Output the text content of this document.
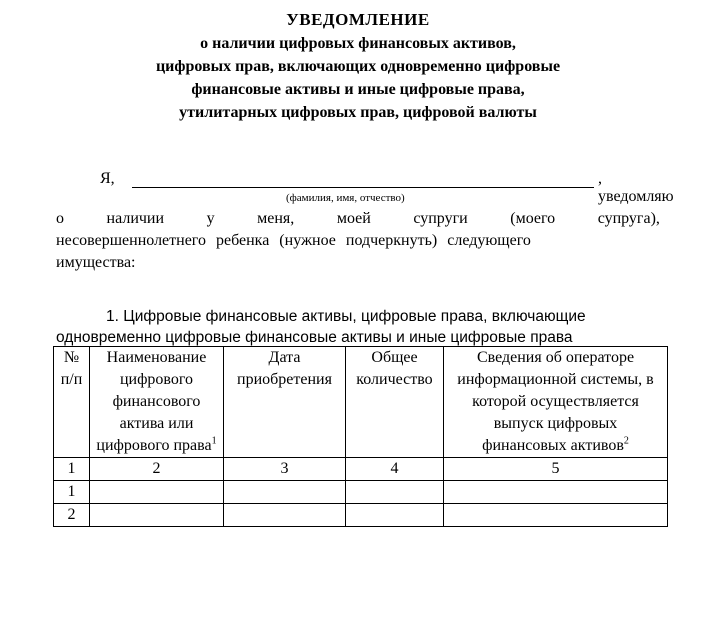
УВЕДОМЛЕНИЕ
о наличии цифровых финансовых активов,
цифровых прав, включающих одновременно цифровые
финансовые активы и иные цифровые права,
утилитарных цифровых прав, цифровой валюты
Я,	, уведомляю
(фамилия, имя, отчество)
о	наличии	у	меня,	моей	супруги	(моего	супруга),
несовершеннолетнего ребенка (нужное подчеркнуть) следующего
имущества:
1. Цифровые финансовые активы, цифровые права, включающие
одновременно цифровые финансовые активы и иные цифровые права
№ п/п	Наименование цифрового финансового актива или цифрового права$^1$	Дата приобретения	Общее количество	Сведения об операторе информационной системы, в которой осуществляется выпуск цифровых финансовых активов$^2$
1	2	3	4	5
1				
2				
